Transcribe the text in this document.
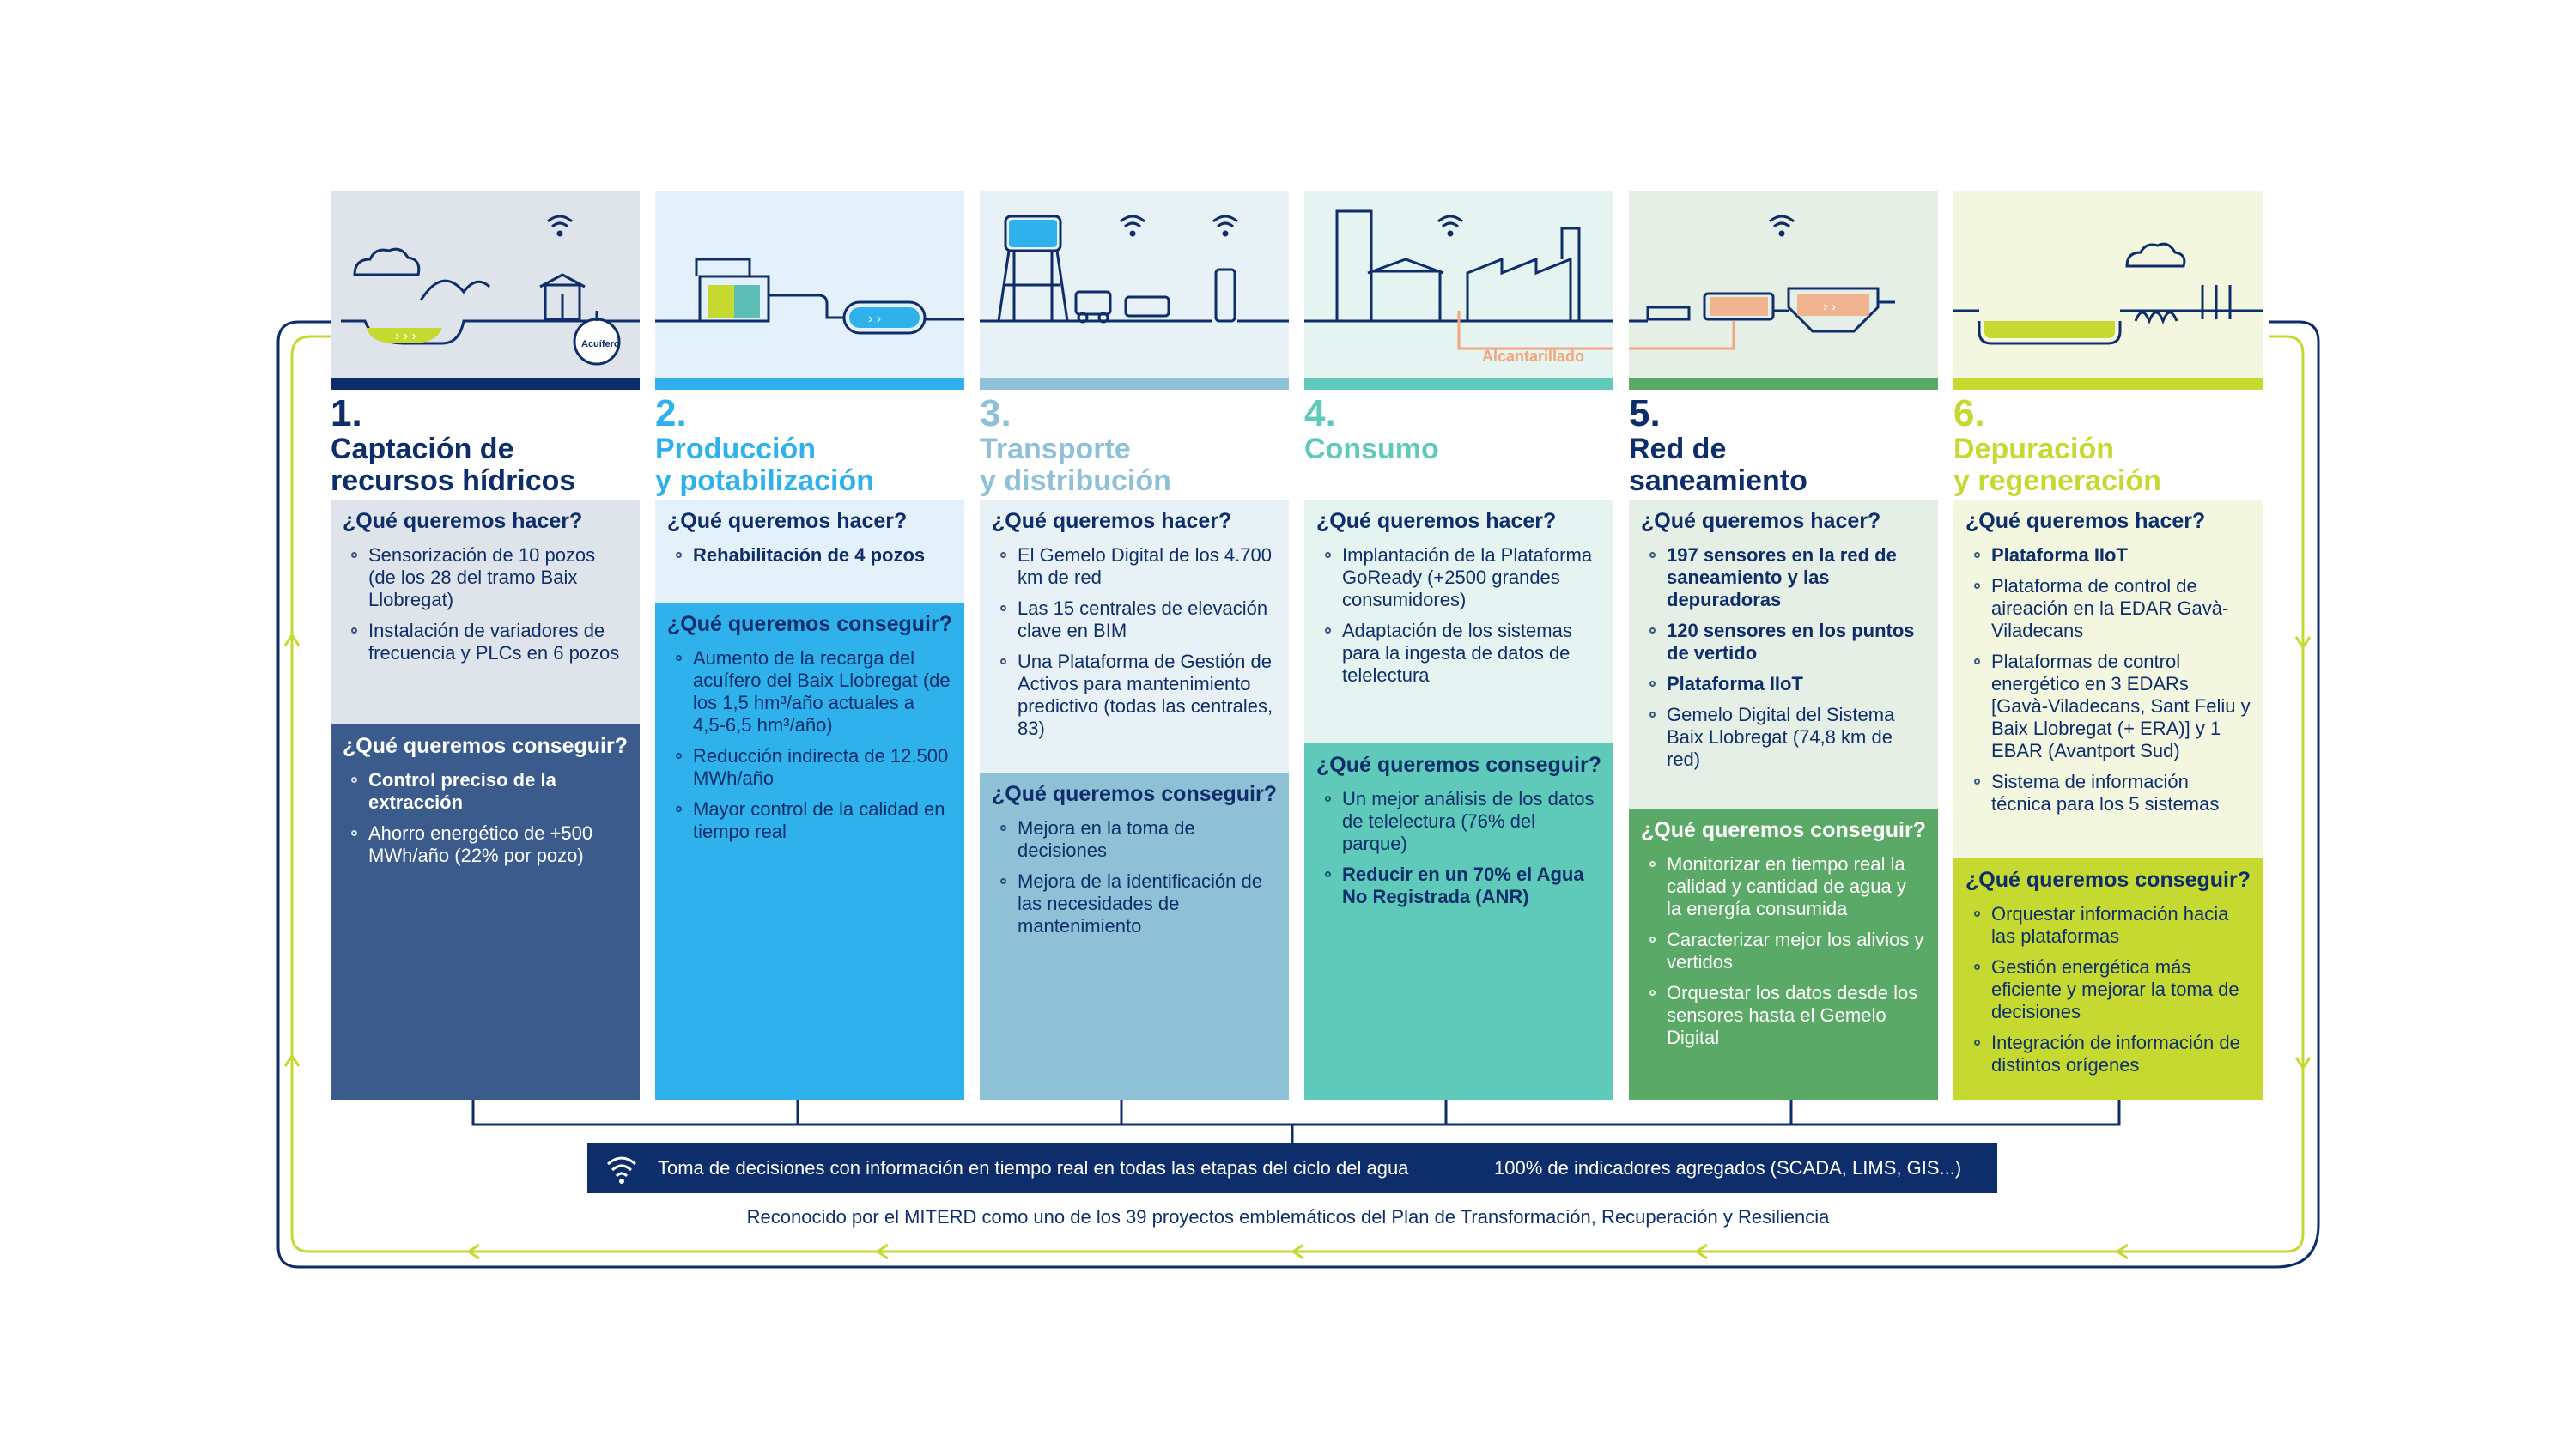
› › ›
Acuífero
1.
Captación de
recursos hídricos
¿Qué queremos hacer?
Sensorización de 10 pozos (de los 28 del tramo Baix Llobregat)
Instalación de variadores de frecuencia y PLCs en 6 pozos
¿Qué queremos conseguir?
Control preciso de la extracción
Ahorro energético de +500 MWh/año (22% por pozo)
› ›
2.
Producción
y potabilización
¿Qué queremos hacer?
Rehabilitación de 4 pozos
¿Qué queremos conseguir?
Aumento de la recarga del acuífero del Baix Llobregat (de los 1,5 hm³/año actuales a 4,5-6,5 hm³/año)
Reducción indirecta de 12.500 MWh/año
Mayor control de la calidad en tiempo real
3.
Transporte
y distribución
¿Qué queremos hacer?
El Gemelo Digital de los 4.700 km de red
Las 15 centrales de elevación clave en BIM
Una Plataforma de Gestión de Activos para mantenimiento predictivo (todas las centrales, 83)
¿Qué queremos conseguir?
Mejora en la toma de decisiones
Mejora de la identificación de las necesidades de mantenimiento
4.
Consumo
¿Qué queremos hacer?
Implantación de la Plataforma GoReady (+2500 grandes consumidores)
Adaptación de los sistemas para la ingesta de datos de telelectura
¿Qué queremos conseguir?
Un mejor análisis de los datos de telelectura (76% del parque)
Reducir en un 70% el Agua No Registrada (ANR)
Alcantarillado
› ›
5.
Red de
saneamiento
¿Qué queremos hacer?
197 sensores en la red de saneamiento y las depuradoras
120 sensores en los puntos de vertido
Plataforma IIoT
Gemelo Digital del Sistema Baix Llobregat (74,8 km de red)
¿Qué queremos conseguir?
Monitorizar en tiempo real la calidad y cantidad de agua y la energía consumida
Caracterizar mejor los alivios y vertidos
Orquestar los datos desde los sensores hasta el Gemelo Digital
6.
Depuración
y regeneración
¿Qué queremos hacer?
Plataforma IIoT
Plataforma de control de aireación en la EDAR Gavà-Viladecans
Plataformas de control energético en 3 EDARs [Gavà-Viladecans, Sant Feliu y Baix Llobregat (+ ERA)] y 1 EBAR (Avantport Sud)
Sistema de información técnica para los 5 sistemas
¿Qué queremos conseguir?
Orquestar información hacia las plataformas
Gestión energética más eficiente y mejorar la toma de decisiones
Integración de información de distintos orígenes
Toma de decisiones con información en tiempo real en todas las etapas del ciclo del agua	100% de indicadores agregados (SCADA, LIMS, GIS...)
Reconocido por el MITERD como uno de los 39 proyectos emblemáticos del Plan de Transformación, Recuperación y Resiliencia
